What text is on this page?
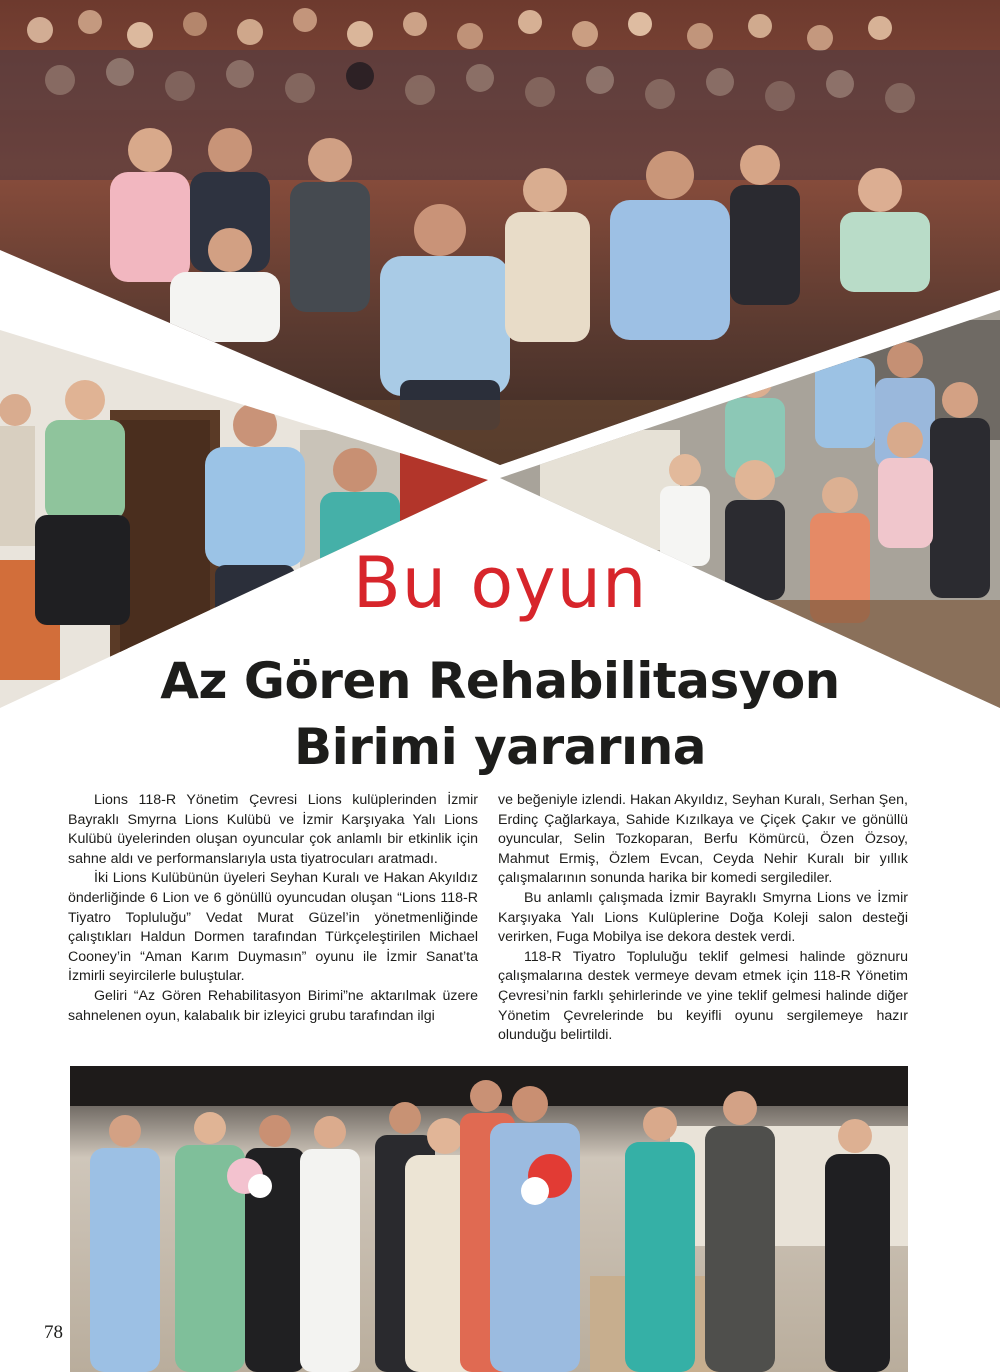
Bu oyun
Az Gören Rehabilitasyon
Birimi yararına

Lions 118-R Yönetim Çevresi Lions kulüplerinden İzmir Bayraklı Smyrna Lions Kulübü ve İzmir Karşıyaka Yalı Lions Kulübü üyelerinden oluşan oyuncular çok anlamlı bir etkinlik için sahne aldı ve performanslarıyla usta tiyatrocuları aratmadı.

İki Lions Kulübünün üyeleri Seyhan Kuralı ve Hakan Akyıldız önderliğinde 6 Lion ve 6 gönüllü oyuncudan oluşan “Lions 118-R Tiyatro Topluluğu” Vedat Murat Güzel’in yönetmenliğinde çalıştıkları Haldun Dormen tarafından Türkçeleştirilen Michael Cooney’in “Aman Karım Duymasın” oyunu ile İzmir Sanat’ta İzmirli seyircilerle buluştular.

Geliri “Az Gören Rehabilitasyon Birimi”ne aktarılmak üzere sahnelenen oyun, kalabalık bir izleyici grubu tarafından ilgi

ve beğeniyle izlendi. Hakan Akyıldız, Seyhan Kuralı, Serhan Şen, Erdinç Çağlarkaya, Sahide Kızılkaya ve Çiçek Çakır ve gönüllü oyuncular, Selin Tozkoparan, Berfu Kömürcü, Özen Özsoy, Mahmut Ermiş, Özlem Evcan, Ceyda Nehir Kuralı bir yıllık çalışmalarının sonunda harika bir komedi sergilediler.

Bu anlamlı çalışmada İzmir Bayraklı Smyrna Lions ve İzmir Karşıyaka Yalı Lions Kulüplerine Doğa Koleji salon desteği verirken, Fuga Mobilya ise dekora destek verdi.

118-R Tiyatro Topluluğu teklif gelmesi halinde göznuru çalışmalarına destek vermeye devam etmek için 118-R Yönetim Çevresi’nin farklı şehirlerinde ve yine teklif gelmesi halinde diğer Yönetim Çevrelerinde bu keyifli oyunu sergilemeye hazır olunduğu belirtildi.

78
